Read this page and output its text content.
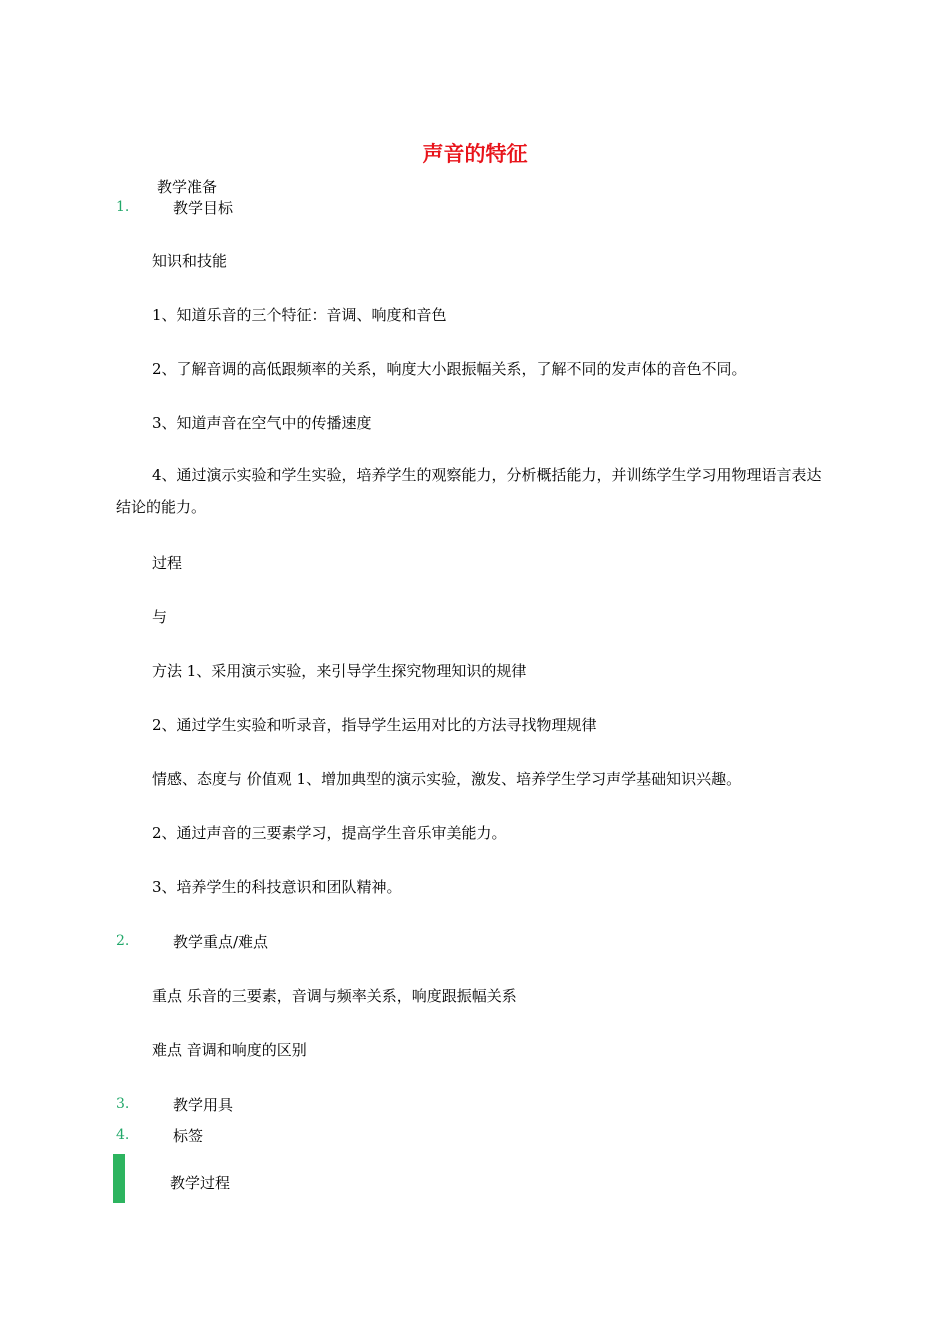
声音的特征
教学准备
1.	教学目标
知识和技能
1、知道乐音的三个特征：音调、响度和音色
2、了解音调的高低跟频率的关系，响度大小跟振幅关系，了解不同的发声体的音色不同。
3、知道声音在空气中的传播速度
4、通过演示实验和学生实验，培养学生的观察能力，分析概括能力，并训练学生学习用物理语言表达结论的能力。
过程
与
方法 1、采用演示实验，来引导学生探究物理知识的规律
2、通过学生实验和听录音，指导学生运用对比的方法寻找物理规律
情感、态度与 价值观 1、增加典型的演示实验，激发、培养学生学习声学基础知识兴趣。
2、通过声音的三要素学习，提高学生音乐审美能力。
3、培养学生的科技意识和团队精神。
2.	教学重点/难点
重点 乐音的三要素，音调与频率关系，响度跟振幅关系
难点 音调和响度的区别
3.	教学用具
4.	标签
教学过程
